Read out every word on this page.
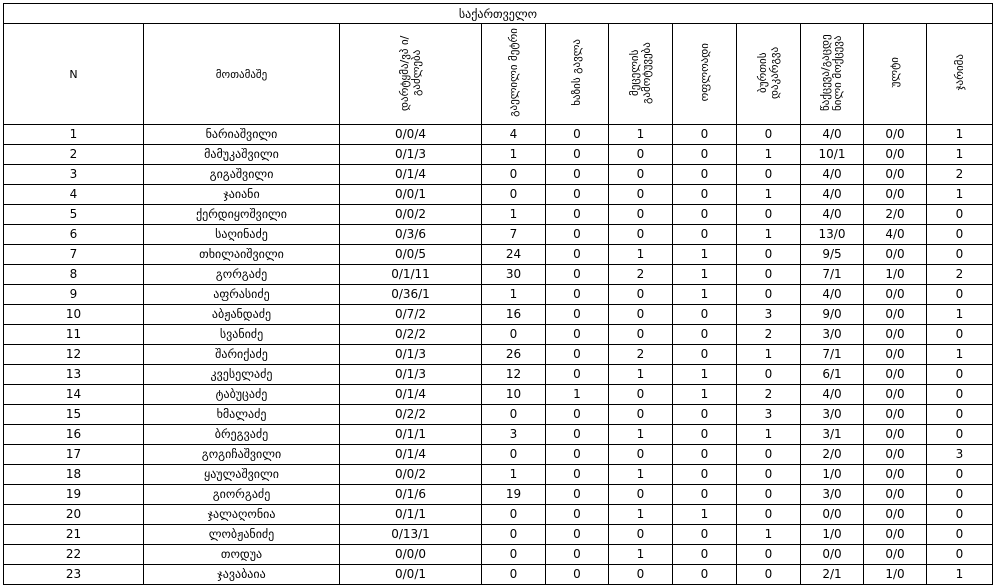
საქართველო										
N	მოთამაშე	დარტყმა/ვპ ი/გაძლება	გაელილი მეტრი	ხაზის გავლა	მეცელის გამოტუვება	ოფლოადი	ბურთის დაკარგვა	წაქცევა/გაცდე ნილი მოქცევა	ულტი	ჯარიმა
1	ნარიაშვილი	0/0/4	4	0	1	0	0	4/0	0/0	1
2	მამუკაშვილი	0/1/3	1	0	0	0	1	10/1	0/0	1
3	გიგაშვილი	0/1/4	0	0	0	0	0	4/0	0/0	2
4	ჯაიანი	0/0/1	0	0	0	0	1	4/0	0/0	1
5	ქერდიყოშვილი	0/0/2	1	0	0	0	0	4/0	2/0	0
6	საღინაძე	0/3/6	7	0	0	0	1	13/0	4/0	0
7	თხილაიშვილი	0/0/5	24	0	1	1	0	9/5	0/0	0
8	გორგაძე	0/1/11	30	0	2	1	0	7/1	1/0	2
9	აფრასიძე	0/36/1	1	0	0	1	0	4/0	0/0	0
10	აბჟანდაძე	0/7/2	16	0	0	0	3	9/0	0/0	1
11	სვანიძე	0/2/2	0	0	0	0	2	3/0	0/0	0
12	შარიქაძე	0/1/3	26	0	2	0	1	7/1	0/0	1
13	კვესელაძე	0/1/3	12	0	1	1	0	6/1	0/0	0
14	ტაბუცაძე	0/1/4	10	1	0	1	2	4/0	0/0	0
15	ხმალაძე	0/2/2	0	0	0	0	3	3/0	0/0	0
16	ბრეგვაძე	0/1/1	3	0	1	0	1	3/1	0/0	0
17	გოგიჩაშვილი	0/1/4	0	0	0	0	0	2/0	0/0	3
18	ყაულაშვილი	0/0/2	1	0	1	0	0	1/0	0/0	0
19	გიორგაძე	0/1/6	19	0	0	0	0	3/0	0/0	0
20	ჯალაღონია	0/1/1	0	0	1	1	0	0/0	0/0	0
21	ლობჟანიძე	0/13/1	0	0	0	0	1	1/0	0/0	0
22	თოდუა	0/0/0	0	0	1	0	0	0/0	0/0	0
23	ჯავაბაია	0/0/1	0	0	0	0	0	2/1	1/0	1
